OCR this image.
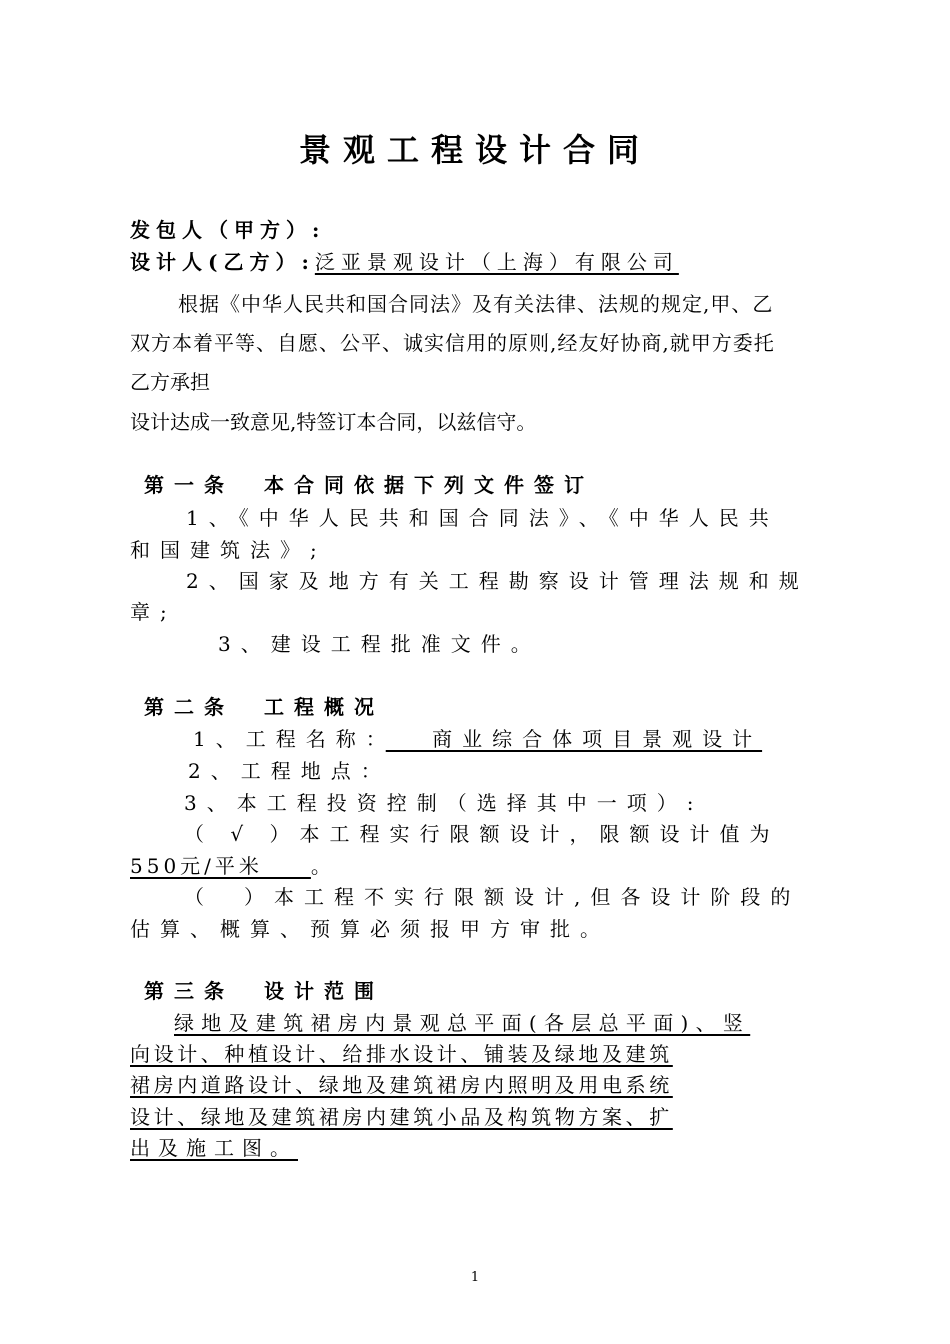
景观工程设计合同
发包人（甲方）:
设计人(乙方）:泛亚景观设计（上海）有限公司
根据《中华人民共和国合同法》及有关法律、法规的规定,甲、乙
双方本着平等、自愿、公平、诚实信用的原则,经友好协商,就甲方委托
乙方承担
设计达成一致意见,特签订本合同，以兹信守。
第一条　本合同依据下列文件签订
1、《中华人民共和国合同法》、《中华人民共
和国建筑法》;
2、国家及地方有关工程勘察设计管理法规和规
章;
3、建设工程批准文件。
第二条　工程概况
1、工程名称：　 商业综合体项目景观设计
2、工程地点：
3、本工程投资控制（选择其中一项）:
（ √ ）本工程实行限额设计，限额设计值为
550元/平米　　。
（　）本工程不实行限额设计,但各设计阶段的
估算、概算、预算必须报甲方审批。
第三条　设计范围
绿地及建筑裙房内景观总平面(各层总平面)、竖
向设计、种植设计、给排水设计、铺装及绿地及建筑
裙房内道路设计、绿地及建筑裙房内照明及用电系统
设计、绿地及建筑裙房内建筑小品及构筑物方案、扩
出及施工图。
1
